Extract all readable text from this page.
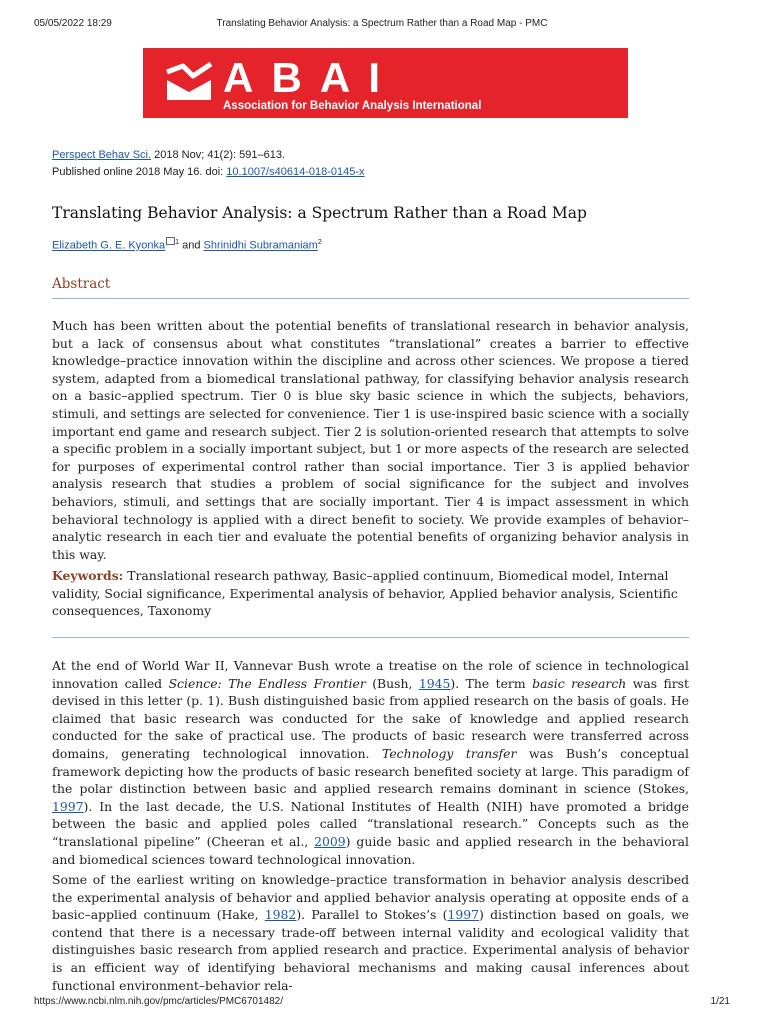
05/05/2022 18:29	Translating Behavior Analysis: a Spectrum Rather than a Road Map - PMC
A B A I
Association for Behavior Analysis International
Perspect Behav Sci. 2018 Nov; 41(2): 591–613.
Published online 2018 May 16. doi: 10.1007/s40614-018-0145-x
Translating Behavior Analysis: a Spectrum Rather than a Road Map
Elizabeth G. E. Kyonka $^1$ and Shrinidhi Subramaniam$^2$
Abstract

Much has been written about the potential benefits of translational research in behavior analysis, but a lack of consensus about what constitutes “translational” creates a barrier to effective knowledge–practice innovation within the discipline and across other sciences. We propose a tiered system, adapted from a biomedical translational pathway, for classifying behavior analysis research on a basic–applied spectrum. Tier 0 is blue sky basic science in which the subjects, behaviors, stimuli, and settings are selected for convenience. Tier 1 is use-inspired basic science with a socially important end game and research subject. Tier 2 is solution-oriented research that attempts to solve a specific problem in a socially important subject, but 1 or more aspects of the research are selected for purposes of experimental control rather than social importance. Tier 3 is applied behavior analysis research that studies a problem of social significance for the subject and involves behaviors, stimuli, and settings that are socially important. Tier 4 is impact assessment in which behavioral technology is applied with a direct benefit to society. We provide examples of behavior–analytic research in each tier and evaluate the potential benefits of organizing behavior analysis in this way.

Keywords: Translational research pathway, Basic–applied continuum, Biomedical model, Internal validity, Social significance, Experimental analysis of behavior, Applied behavior analysis, Scientific consequences, Taxonomy

At the end of World War II, Vannevar Bush wrote a treatise on the role of science in technological innovation called Science: The Endless Frontier (Bush, 1945). The term basic research was first devised in this letter (p. 1). Bush distinguished basic from applied research on the basis of goals. He claimed that basic research was conducted for the sake of knowledge and applied research conducted for the sake of practical use. The products of basic research were transferred across domains, generating technological innovation. Technology transfer was Bush’s conceptual framework depicting how the products of basic research benefited society at large. This paradigm of the polar distinction between basic and applied research remains dominant in science (Stokes, 1997). In the last decade, the U.S. National Institutes of Health (NIH) have promoted a bridge between the basic and applied poles called “translational research.” Concepts such as the “translational pipeline” (Cheeran et al., 2009) guide basic and applied research in the behavioral and biomedical sciences toward technological innovation.

Some of the earliest writing on knowledge–practice transformation in behavior analysis described the experimental analysis of behavior and applied behavior analysis operating at opposite ends of a basic–applied continuum (Hake, 1982). Parallel to Stokes’s (1997) distinction based on goals, we contend that there is a necessary trade-off between internal validity and ecological validity that distinguishes basic research from applied research and practice. Experimental analysis of behavior is an efficient way of identifying behavioral mechanisms and making causal inferences about functional environment–behavior rela-

https://www.ncbi.nlm.nih.gov/pmc/articles/PMC6701482/	1/21
